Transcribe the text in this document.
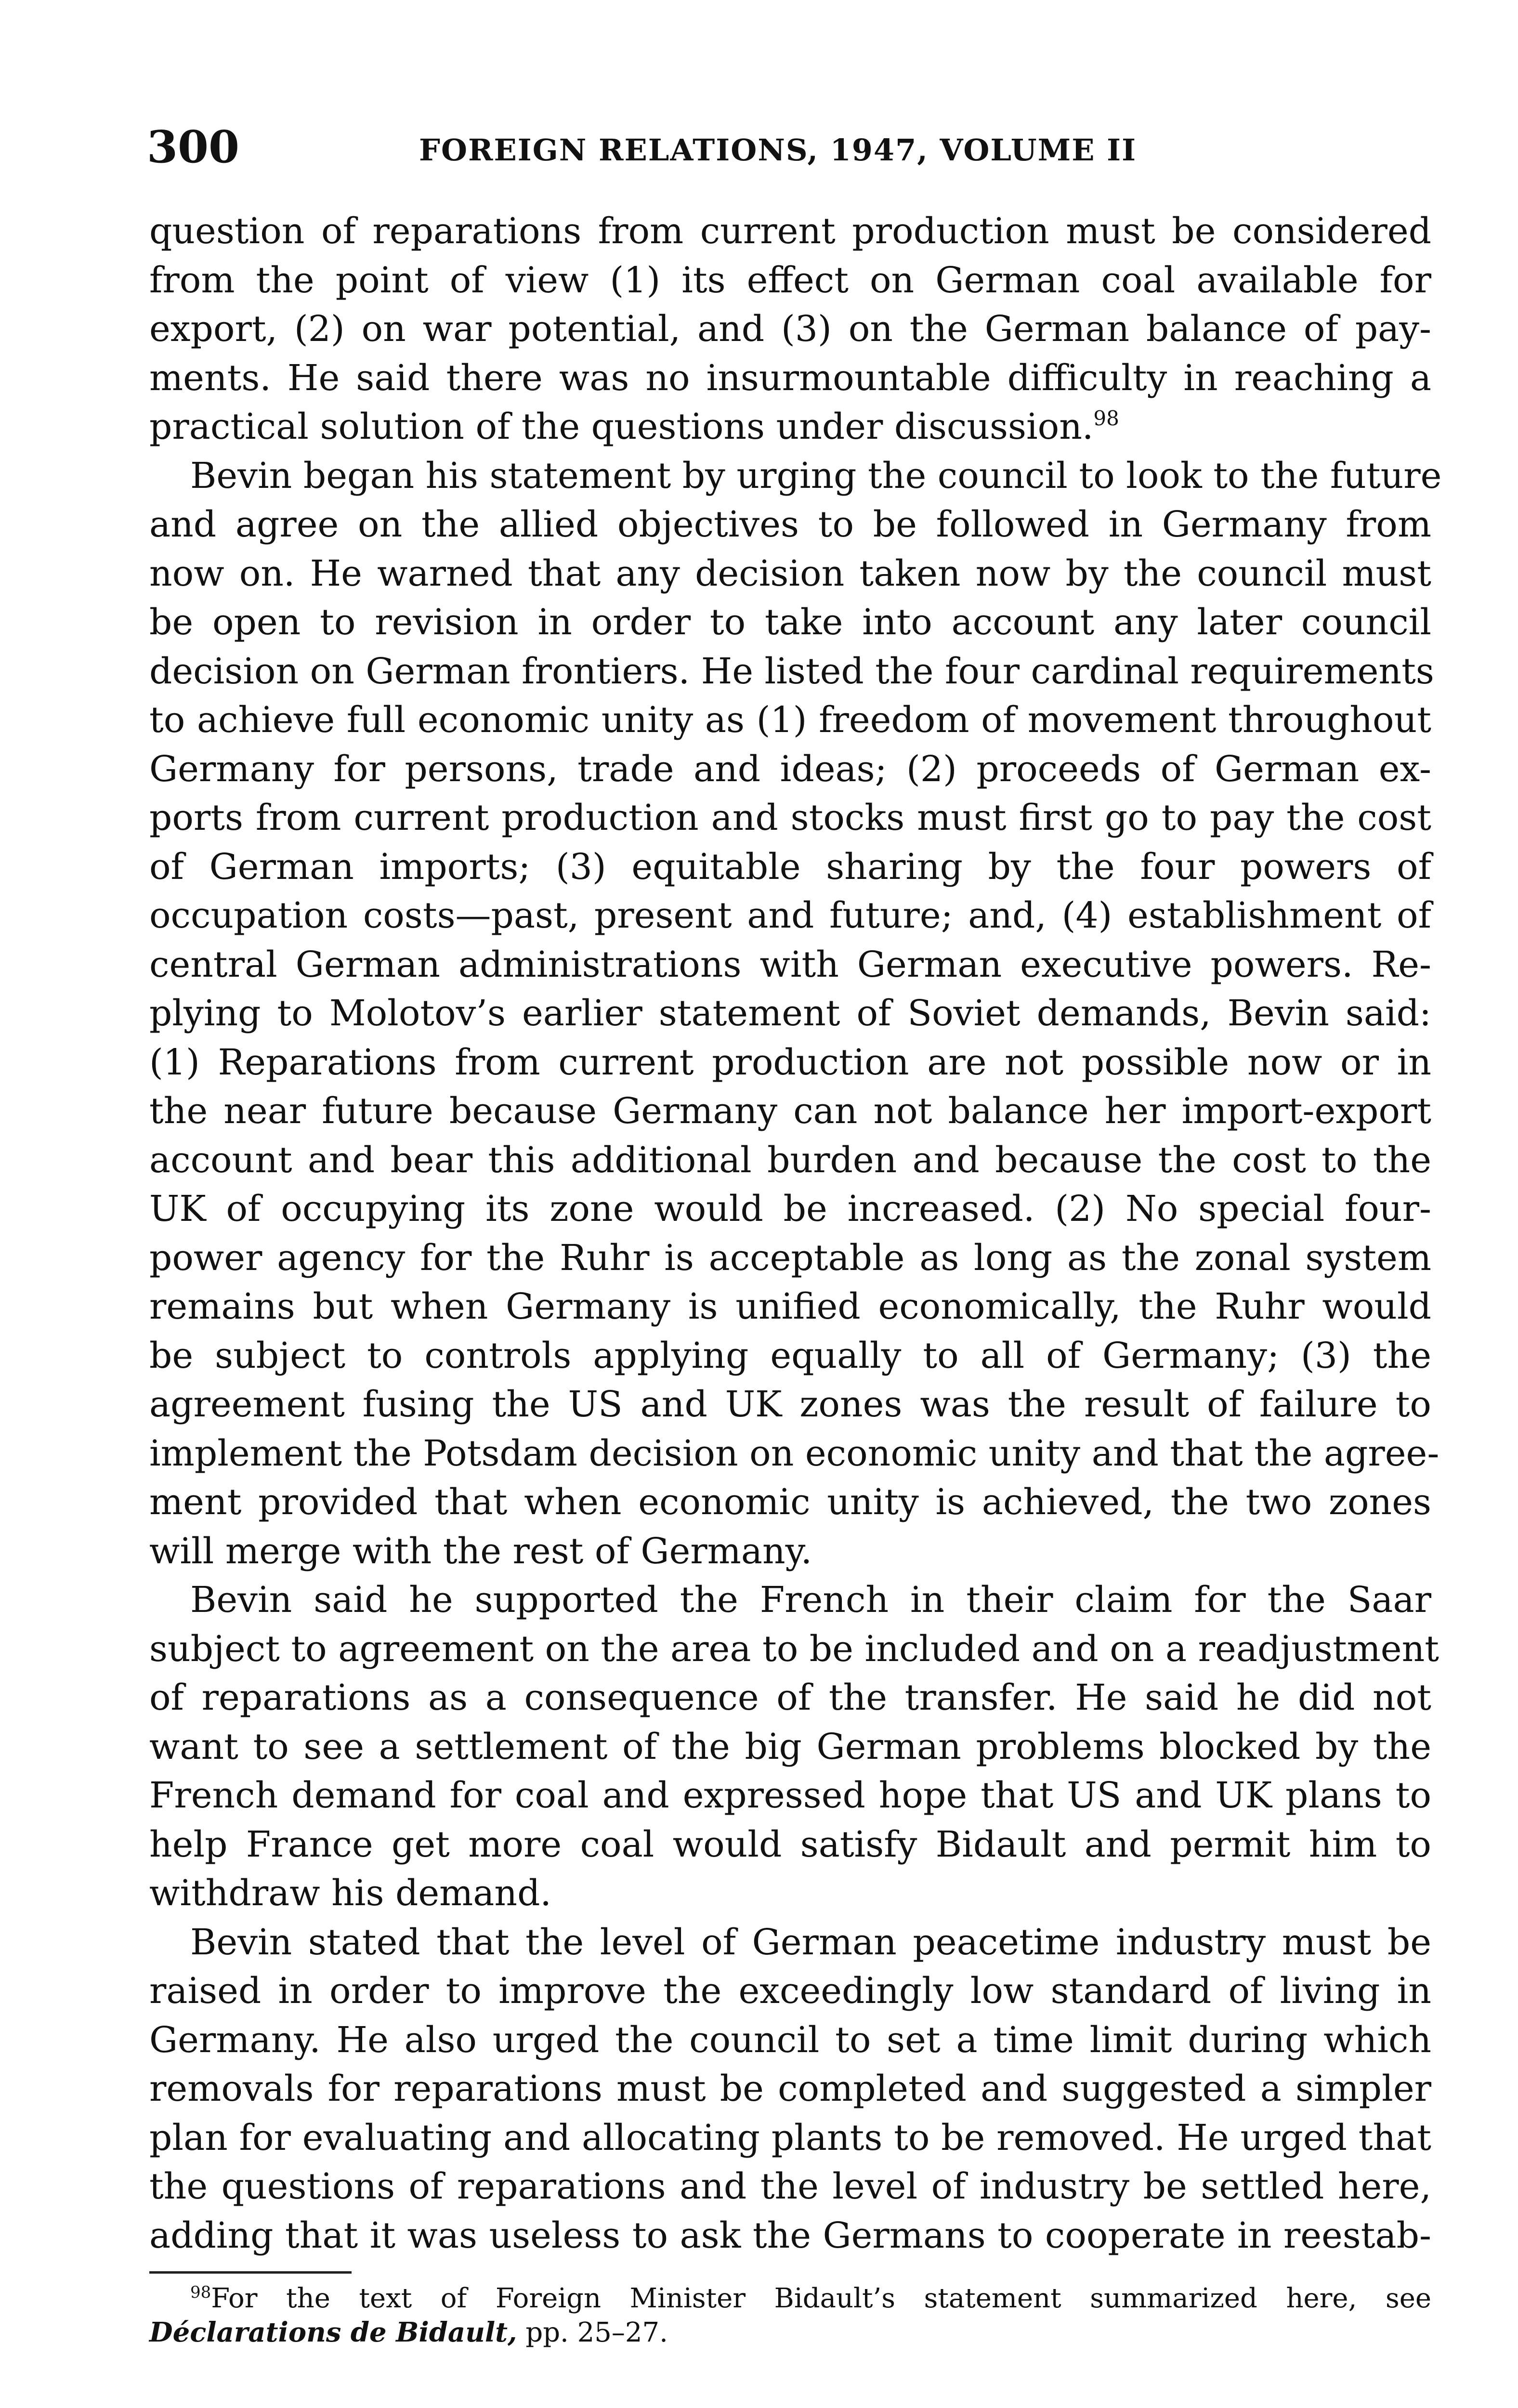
300	FOREIGN RELATIONS, 1947, VOLUME II
question of reparations from current production must be considered
from the point of view (1) its effect on German coal available for
export, (2) on war potential, and (3) on the German balance of pay-
ments. He said there was no insurmountable difficulty in reaching a
practical solution of the questions under discussion.$^{98}$
Bevin began his statement by urging the council to look to the future
and agree on the allied objectives to be followed in Germany from
now on. He warned that any decision taken now by the council must
be open to revision in order to take into account any later council
decision on German frontiers. He listed the four cardinal requirements
to achieve full economic unity as (1) freedom of movement throughout
Germany for persons, trade and ideas; (2) proceeds of German ex-
ports from current production and stocks must first go to pay the cost
of German imports; (3) equitable sharing by the four powers of
occupation costs—past, present and future; and, (4) establishment of
central German administrations with German executive powers. Re-
plying to Molotov’s earlier statement of Soviet demands, Bevin said:
(1) Reparations from current production are not possible now or in
the near future because Germany can not balance her import-export
account and bear this additional burden and because the cost to the
UK of occupying its zone would be increased. (2) No special four-
power agency for the Ruhr is acceptable as long as the zonal system
remains but when Germany is unified economically, the Ruhr would
be subject to controls applying equally to all of Germany; (3) the
agreement fusing the US and UK zones was the result of failure to
implement the Potsdam decision on economic unity and that the agree-
ment provided that when economic unity is achieved, the two zones
will merge with the rest of Germany.
Bevin said he supported the French in their claim for the Saar
subject to agreement on the area to be included and on a readjustment
of reparations as a consequence of the transfer. He said he did not
want to see a settlement of the big German problems blocked by the
French demand for coal and expressed hope that US and UK plans to
help France get more coal would satisfy Bidault and permit him to
withdraw his demand.
Bevin stated that the level of German peacetime industry must be
raised in order to improve the exceedingly low standard of living in
Germany. He also urged the council to set a time limit during which
removals for reparations must be completed and suggested a simpler
plan for evaluating and allocating plants to be removed. He urged that
the questions of reparations and the level of industry be settled here,
adding that it was useless to ask the Germans to cooperate in reestab-
$^{98}$For the text of Foreign Minister Bidault’s statement summarized here, see
Déclarations de Bidault, pp. 25–27.
